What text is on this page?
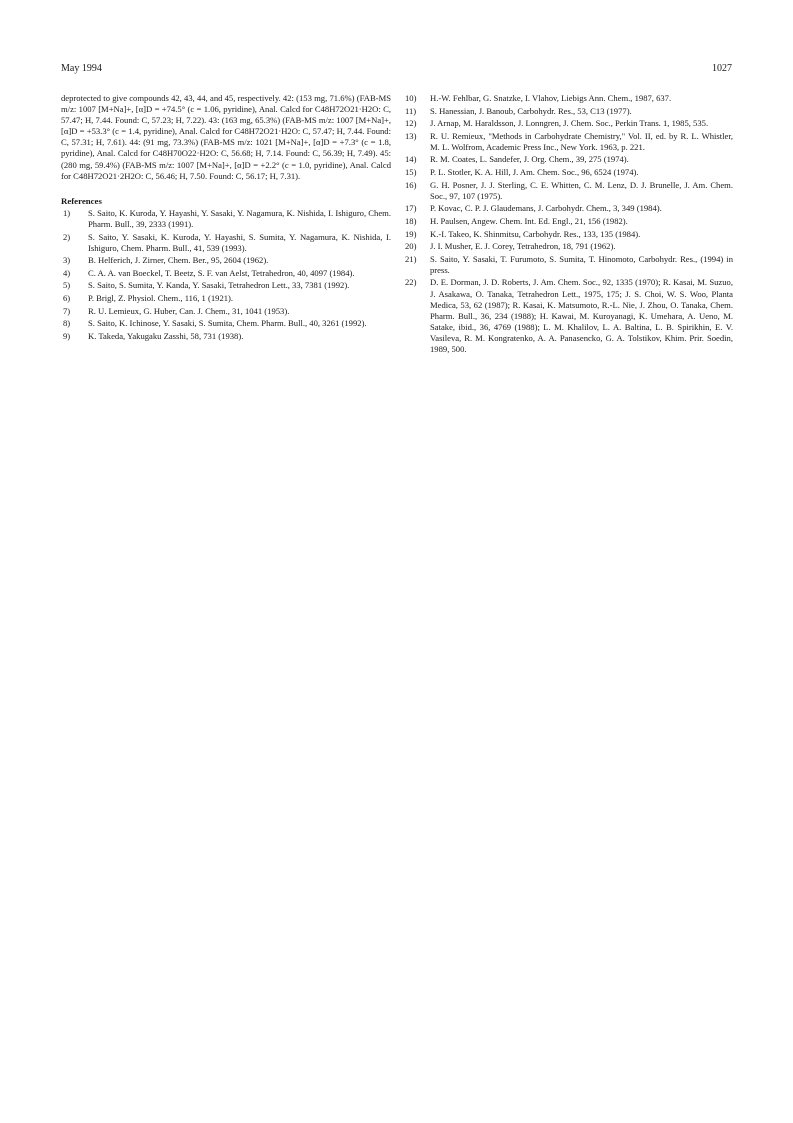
May 1994	1027

deprotected to give compounds 42, 43, 44, and 45, respectively. 42: (153 mg, 71.6%) (FAB-MS m/z: 1007 [M+Na]+, [α]D = +74.5° (c = 1.06, pyridine), Anal. Calcd for C48H72O21·H2O: C, 57.47; H, 7.44. Found: C, 57.23; H, 7.22). 43: (163 mg, 65.3%) (FAB-MS m/z: 1007 [M+Na]+, [α]D = +53.3° (c = 1.4, pyridine), Anal. Calcd for C48H72O21·H2O: C, 57.47; H, 7.44. Found: C, 57.31; H, 7.61). 44: (91 mg, 73.3%) (FAB-MS m/z: 1021 [M+Na]+, [α]D = +7.3° (c = 1.8, pyridine), Anal. Calcd for C48H70O22·H2O: C, 56.68; H, 7.14. Found: C, 56.39; H, 7.49). 45: (280 mg, 59.4%) (FAB-MS m/z: 1007 [M+Na]+, [α]D = +2.2° (c = 1.0, pyridine), Anal. Calcd for C48H72O21·2H2O: C, 56.46; H, 7.50. Found: C, 56.17; H, 7.31).

References
1)	S. Saito, K. Kuroda, Y. Hayashi, Y. Sasaki, Y. Nagamura, K. Nishida, I. Ishiguro, Chem. Pharm. Bull., 39, 2333 (1991).
2)	S. Saito, Y. Sasaki, K. Kuroda, Y. Hayashi, S. Sumita, Y. Nagamura, K. Nishida, I. Ishiguro, Chem. Pharm. Bull., 41, 539 (1993).
3)	B. Helferich, J. Zirner, Chem. Ber., 95, 2604 (1962).
4)	C. A. A. van Boeckel, T. Beetz, S. F. van Aelst, Tetrahedron, 40, 4097 (1984).
5)	S. Saito, S. Sumita, Y. Kanda, Y. Sasaki, Tetrahedron Lett., 33, 7381 (1992).
6)	P. Brigl, Z. Physiol. Chem., 116, 1 (1921).
7)	R. U. Lemieux, G. Huber, Can. J. Chem., 31, 1041 (1953).
8)	S. Saito, K. Ichinose, Y. Sasaki, S. Sumita, Chem. Pharm. Bull., 40, 3261 (1992).
9)	K. Takeda, Yakugaku Zasshi, 58, 731 (1938).
10)	H.-W. Fehlbar, G. Snatzke, I. Vlahov, Liebigs Ann. Chem., 1987, 637.
11)	S. Hanessian, J. Banoub, Carbohydr. Res., 53, C13 (1977).
12)	J. Arnap, M. Haraldsson, J. Lonngren, J. Chem. Soc., Perkin Trans. 1, 1985, 535.
13)	R. U. Remieux, "Methods in Carbohydrate Chemistry," Vol. II, ed. by R. L. Whistler, M. L. Wolfrom, Academic Press Inc., New York. 1963, p. 221.
14)	R. M. Coates, L. Sandefer, J. Org. Chem., 39, 275 (1974).
15)	P. L. Stotler, K. A. Hill, J. Am. Chem. Soc., 96, 6524 (1974).
16)	G. H. Posner, J. J. Sterling, C. E. Whitten, C. M. Lenz, D. J. Brunelle, J. Am. Chem. Soc., 97, 107 (1975).
17)	P. Kovac, C. P. J. Glaudemans, J. Carbohydr. Chem., 3, 349 (1984).
18)	H. Paulsen, Angew. Chem. Int. Ed. Engl., 21, 156 (1982).
19)	K.-I. Takeo, K. Shinmitsu, Carbohydr. Res., 133, 135 (1984).
20)	J. I. Musher, E. J. Corey, Tetrahedron, 18, 791 (1962).
21)	S. Saito, Y. Sasaki, T. Furumoto, S. Sumita, T. Hinomoto, Carbohydr. Res., (1994) in press.
22)	D. E. Dorman, J. D. Roberts, J. Am. Chem. Soc., 92, 1335 (1970); R. Kasai, M. Suzuo, J. Asakawa, O. Tanaka, Tetrahedron Lett., 1975, 175; J. S. Choi, W. S. Woo, Planta Medica, 53, 62 (1987); R. Kasai, K. Matsumoto, R.-L. Nie, J. Zhou, O. Tanaka, Chem. Pharm. Bull., 36, 234 (1988); H. Kawai, M. Kuroyanagi, K. Umehara, A. Ueno, M. Satake, ibid., 36, 4769 (1988); L. M. Khalilov, L. A. Baltina, L. B. Spirikhin, E. V. Vasileva, R. M. Kongratenko, A. A. Panasencko, G. A. Tolstikov, Khim. Prir. Soedin, 1989, 500.
